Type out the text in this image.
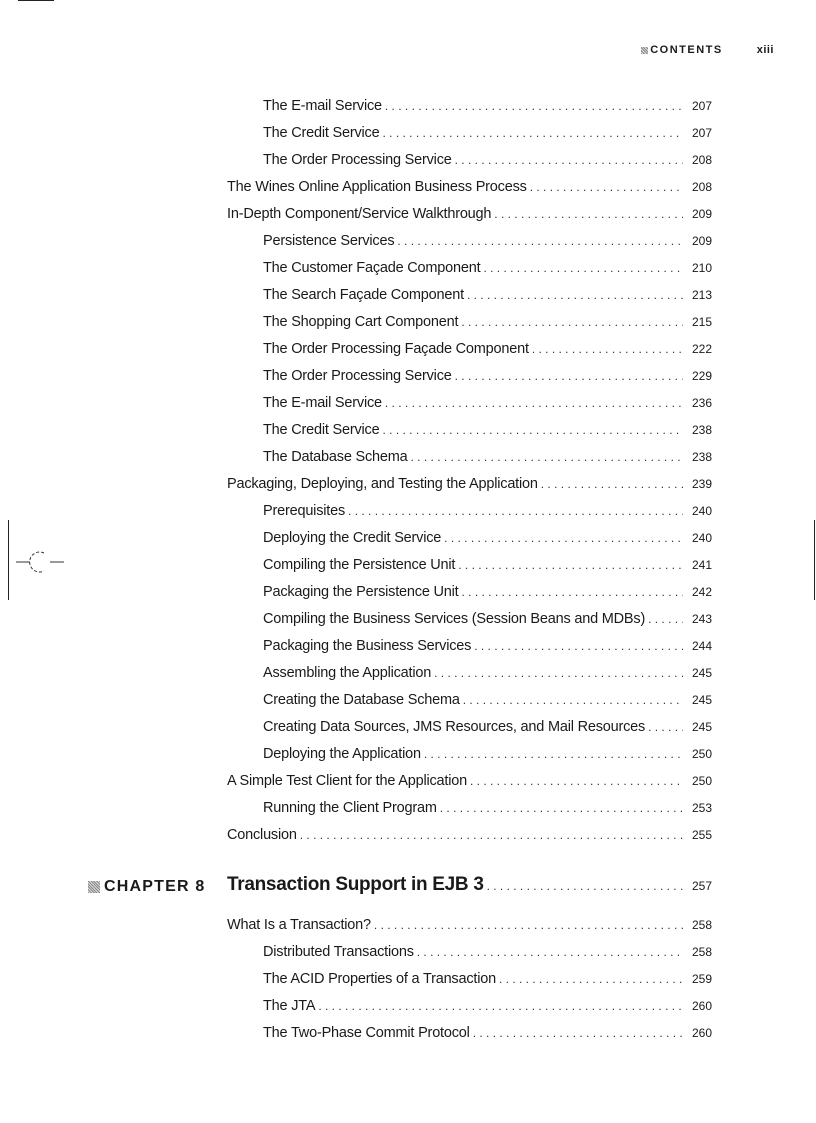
CONTENTS	xiii
CHAPTER 8
The E-mail Service . . .	207
The Credit Service . . .	207
The Order Processing Service . . .	208
The Wines Online Application Business Process . . .	208
In-Depth Component/Service Walkthrough . . .	209
Persistence Services . . .	209
The Customer Façade Component . . .	210
The Search Façade Component . . .	213
The Shopping Cart Component . . .	215
The Order Processing Façade Component . . .	222
The Order Processing Service . . .	229
The E-mail Service . . .	236
The Credit Service . . .	238
The Database Schema . . .	238
Packaging, Deploying, and Testing the Application . . .	239
Prerequisites . . .	240
Deploying the Credit Service . . .	240
Compiling the Persistence Unit . . .	241
Packaging the Persistence Unit . . .	242
Compiling the Business Services (Session Beans and MDBs) . . .	243
Packaging the Business Services . . .	244
Assembling the Application . . .	245
Creating the Database Schema . . .	245
Creating Data Sources, JMS Resources, and Mail Resources . . .	245
Deploying the Application . . .	250
A Simple Test Client for the Application . . .	250
Running the Client Program . . .	253
Conclusion . . .	255
Transaction Support in EJB 3 . . .	257
What Is a Transaction? . . .	258
Distributed Transactions . . .	258
The ACID Properties of a Transaction . . .	259
The JTA . . .	260
The Two-Phase Commit Protocol . . .	260
